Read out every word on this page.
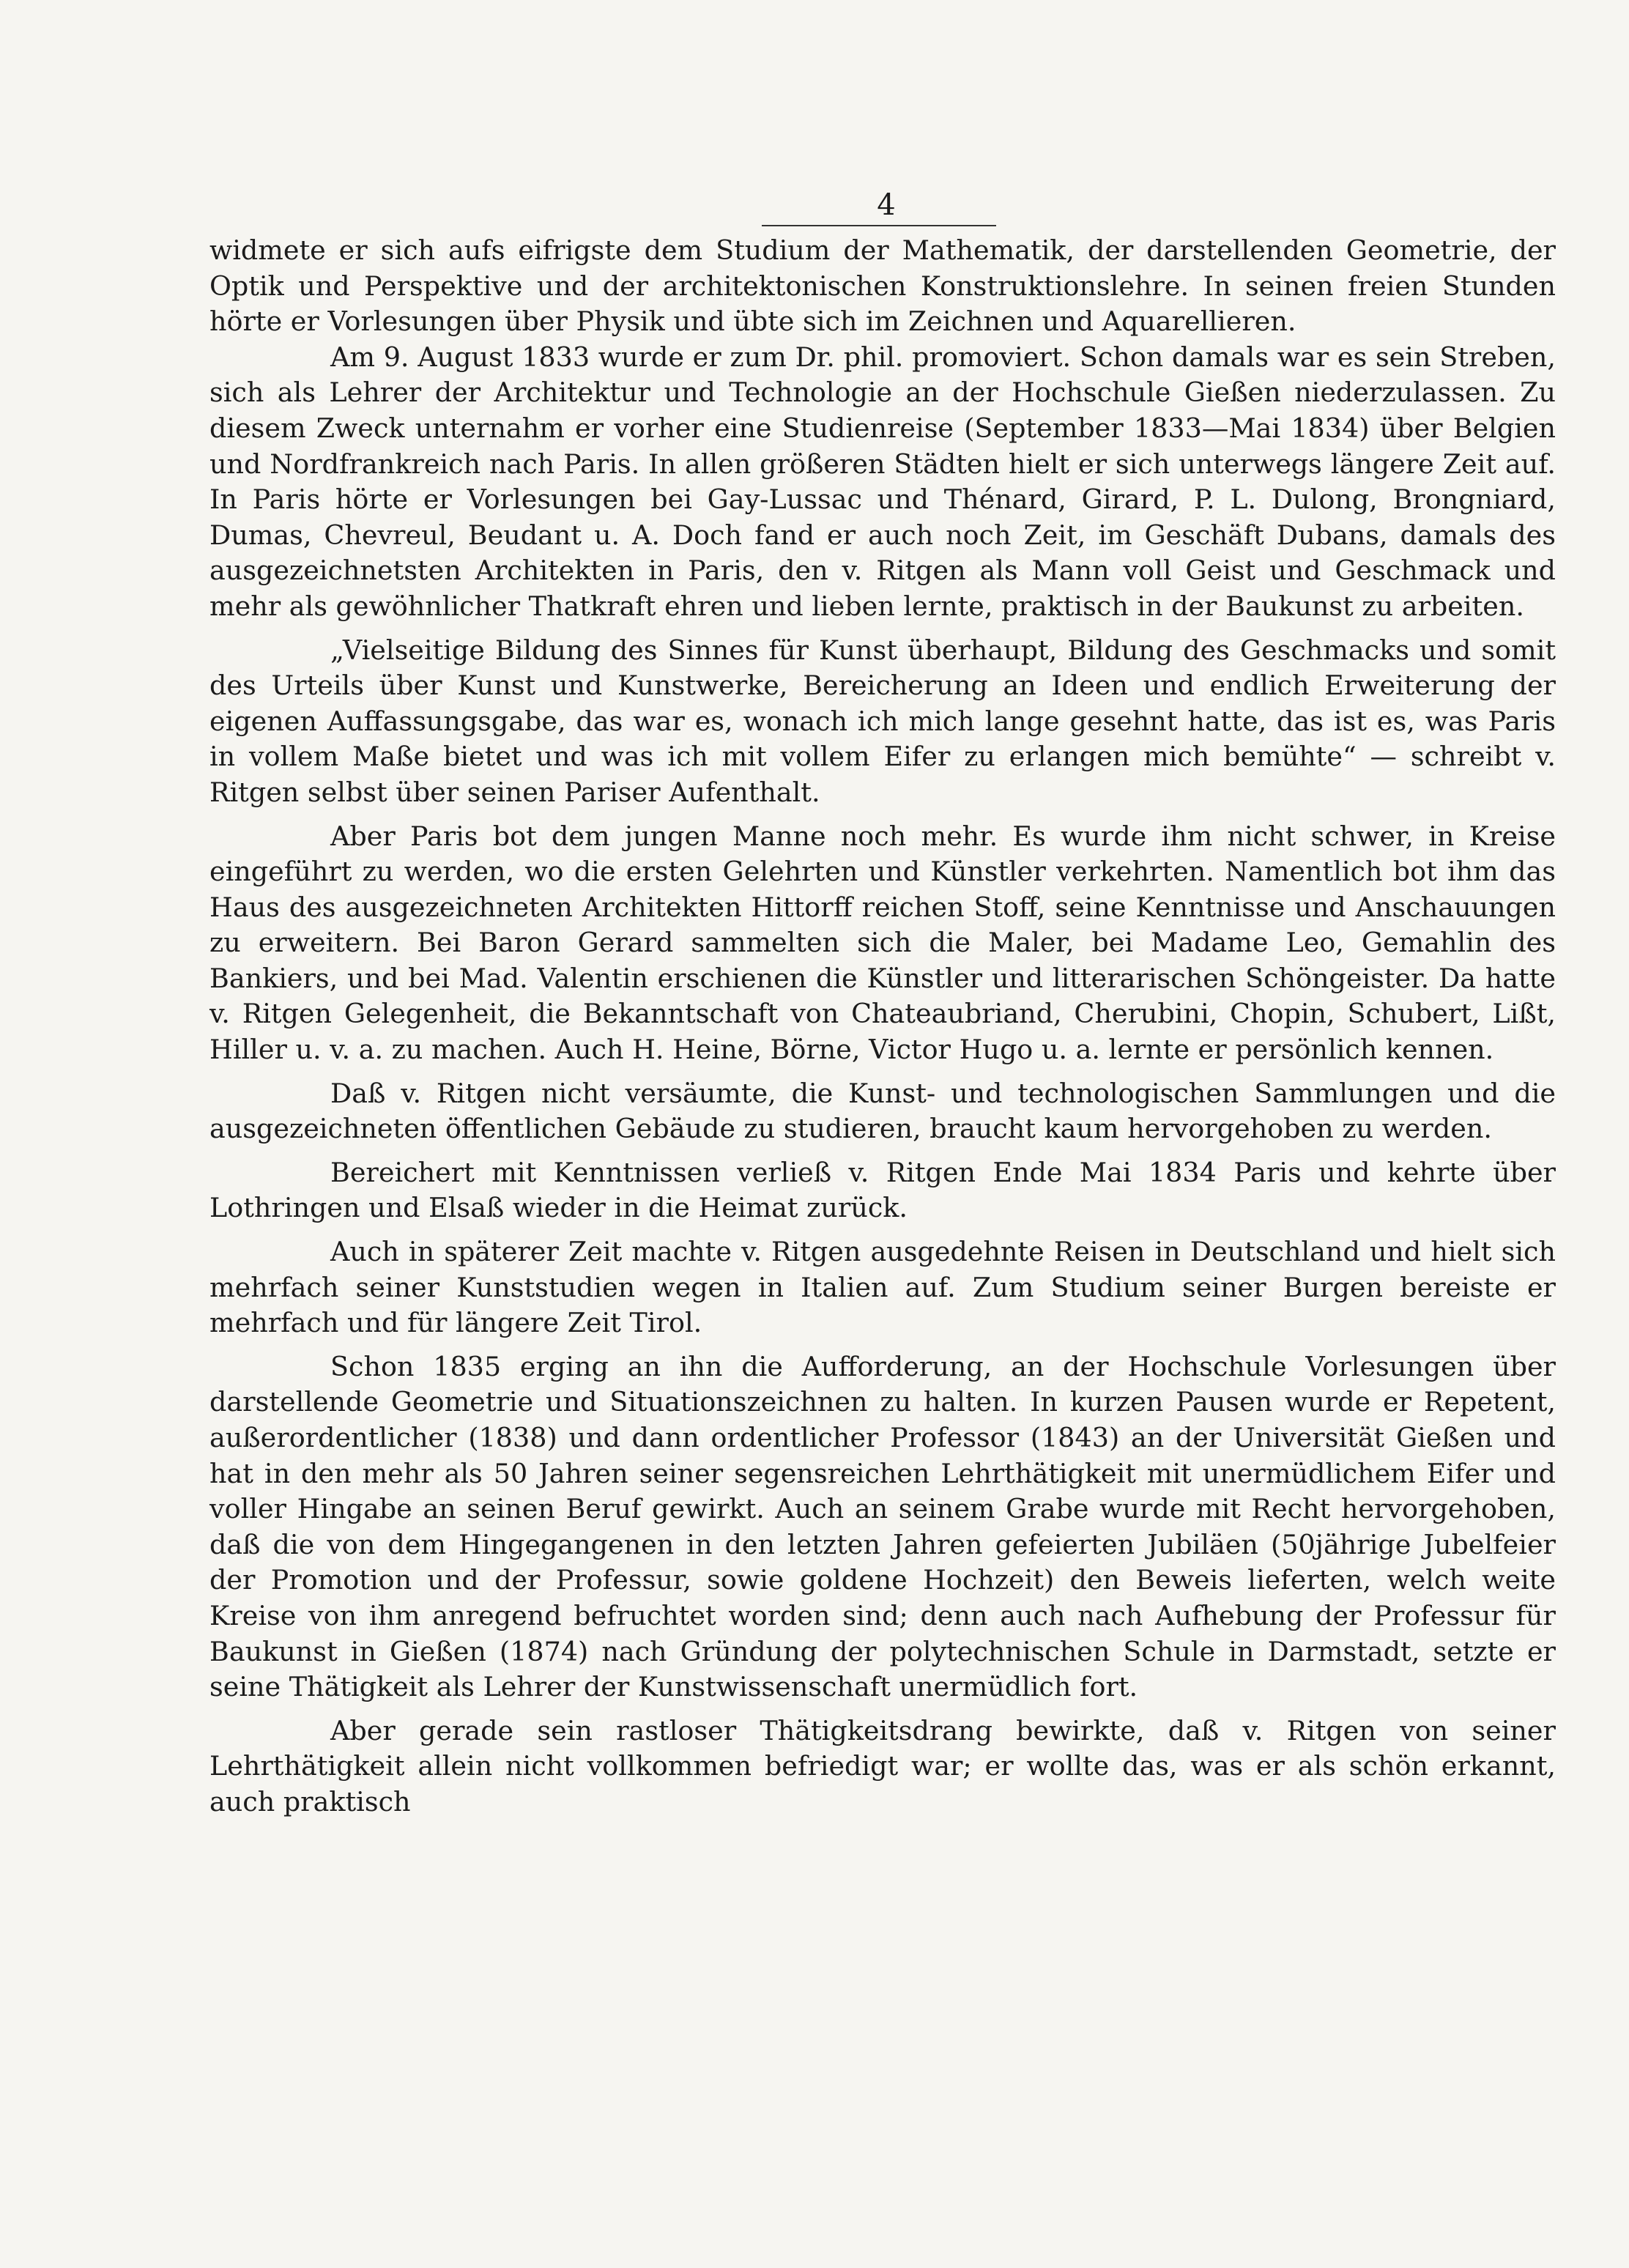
4

widmete er sich aufs eifrigste dem Studium der Mathematik, der darstellenden Geometrie, der Optik und Perspektive und der architektonischen Konstruktionslehre. In seinen freien Stunden hörte er Vorlesungen über Physik und übte sich im Zeichnen und Aquarellieren.

Am 9. August 1833 wurde er zum Dr. phil. promoviert. Schon damals war es sein Streben, sich als Lehrer der Architektur und Technologie an der Hochschule Gießen niederzulassen. Zu diesem Zweck unternahm er vorher eine Studienreise (September 1833—Mai 1834) über Belgien und Nordfrankreich nach Paris. In allen größeren Städten hielt er sich unterwegs längere Zeit auf. In Paris hörte er Vorlesungen bei Gay-Lussac und Thénard, Girard, P. L. Dulong, Brongniard, Dumas, Chevreul, Beudant u. A. Doch fand er auch noch Zeit, im Geschäft Dubans, damals des ausgezeichnetsten Architekten in Paris, den v. Ritgen als Mann voll Geist und Geschmack und mehr als gewöhnlicher Thatkraft ehren und lieben lernte, praktisch in der Baukunst zu arbeiten.

„Vielseitige Bildung des Sinnes für Kunst überhaupt, Bildung des Geschmacks und somit des Urteils über Kunst und Kunstwerke, Bereicherung an Ideen und endlich Erweiterung der eigenen Auffassungsgabe, das war es, wonach ich mich lange gesehnt hatte, das ist es, was Paris in vollem Maße bietet und was ich mit vollem Eifer zu erlangen mich bemühte“ — schreibt v. Ritgen selbst über seinen Pariser Aufenthalt.

Aber Paris bot dem jungen Manne noch mehr. Es wurde ihm nicht schwer, in Kreise eingeführt zu werden, wo die ersten Gelehrten und Künstler verkehrten. Namentlich bot ihm das Haus des ausgezeichneten Architekten Hittorff reichen Stoff, seine Kenntnisse und Anschauungen zu erweitern. Bei Baron Gerard sammelten sich die Maler, bei Madame Leo, Gemahlin des Bankiers, und bei Mad. Valentin erschienen die Künstler und litterarischen Schöngeister. Da hatte v. Ritgen Gelegenheit, die Bekanntschaft von Chateaubriand, Cherubini, Chopin, Schubert, Lißt, Hiller u. v. a. zu machen. Auch H. Heine, Börne, Victor Hugo u. a. lernte er persönlich kennen.

Daß v. Ritgen nicht versäumte, die Kunst- und technologischen Sammlungen und die ausgezeichneten öffentlichen Gebäude zu studieren, braucht kaum hervorgehoben zu werden.

Bereichert mit Kenntnissen verließ v. Ritgen Ende Mai 1834 Paris und kehrte über Lothringen und Elsaß wieder in die Heimat zurück.

Auch in späterer Zeit machte v. Ritgen ausgedehnte Reisen in Deutschland und hielt sich mehrfach seiner Kunststudien wegen in Italien auf. Zum Studium seiner Burgen bereiste er mehrfach und für längere Zeit Tirol.

Schon 1835 erging an ihn die Aufforderung, an der Hochschule Vorlesungen über darstellende Geometrie und Situationszeichnen zu halten. In kurzen Pausen wurde er Repetent, außerordentlicher (1838) und dann ordentlicher Professor (1843) an der Universität Gießen und hat in den mehr als 50 Jahren seiner segensreichen Lehrthätigkeit mit unermüdlichem Eifer und voller Hingabe an seinen Beruf gewirkt. Auch an seinem Grabe wurde mit Recht hervorgehoben, daß die von dem Hingegangenen in den letzten Jahren gefeierten Jubiläen (50jährige Jubelfeier der Promotion und der Professur, sowie goldene Hochzeit) den Beweis lieferten, welch weite Kreise von ihm anregend befruchtet worden sind; denn auch nach Aufhebung der Professur für Baukunst in Gießen (1874) nach Gründung der polytechnischen Schule in Darmstadt, setzte er seine Thätigkeit als Lehrer der Kunstwissenschaft unermüdlich fort.

Aber gerade sein rastloser Thätigkeitsdrang bewirkte, daß v. Ritgen von seiner Lehrthätigkeit allein nicht vollkommen befriedigt war; er wollte das, was er als schön erkannt, auch praktisch
